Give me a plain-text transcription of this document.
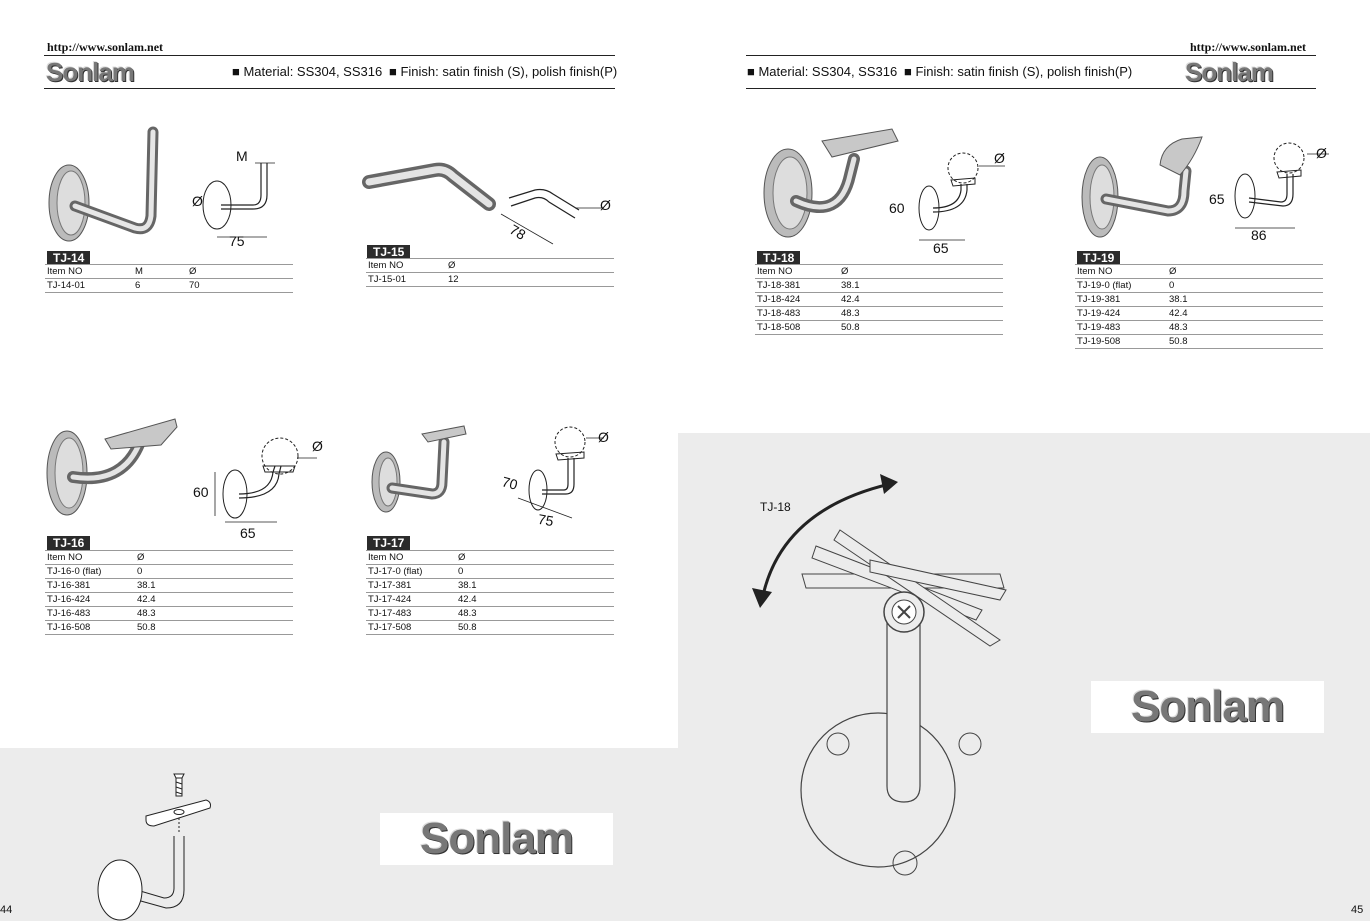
http://www.sonlam.net
Sonlam	■ Material: SS304, SS316 ■ Finish: satin finish (S), polish finish(P)
M
Ø
75
TJ-14
Item NO	M	Ø
TJ-14-01	6	70
78
Ø
TJ-15
Item NO	Ø
TJ-15-01	12
Ø
60
65
TJ-16
Item NO	Ø
TJ-16-0 (flat)	0
TJ-16-381	38.1
TJ-16-424	42.4
TJ-16-483	48.3
TJ-16-508	50.8
Ø
70
75
TJ-17
Item NO	Ø
TJ-17-0 (flat)	0
TJ-17-381	38.1
TJ-17-424	42.4
TJ-17-483	48.3
TJ-17-508	50.8
Sonlam
44
http://www.sonlam.net
■ Material: SS304, SS316 ■ Finish: satin finish (S), polish finish(P) Sonlam
Ø
60
65
TJ-18
Item NO	Ø
TJ-18-381	38.1
TJ-18-424	42.4
TJ-18-483	48.3
TJ-18-508	50.8
Ø
65
86
TJ-19
Item NO	Ø
TJ-19-0 (flat)	0
TJ-19-381	38.1
TJ-19-424	42.4
TJ-19-483	48.3
TJ-19-508	50.8
TJ-18
Sonlam
45
